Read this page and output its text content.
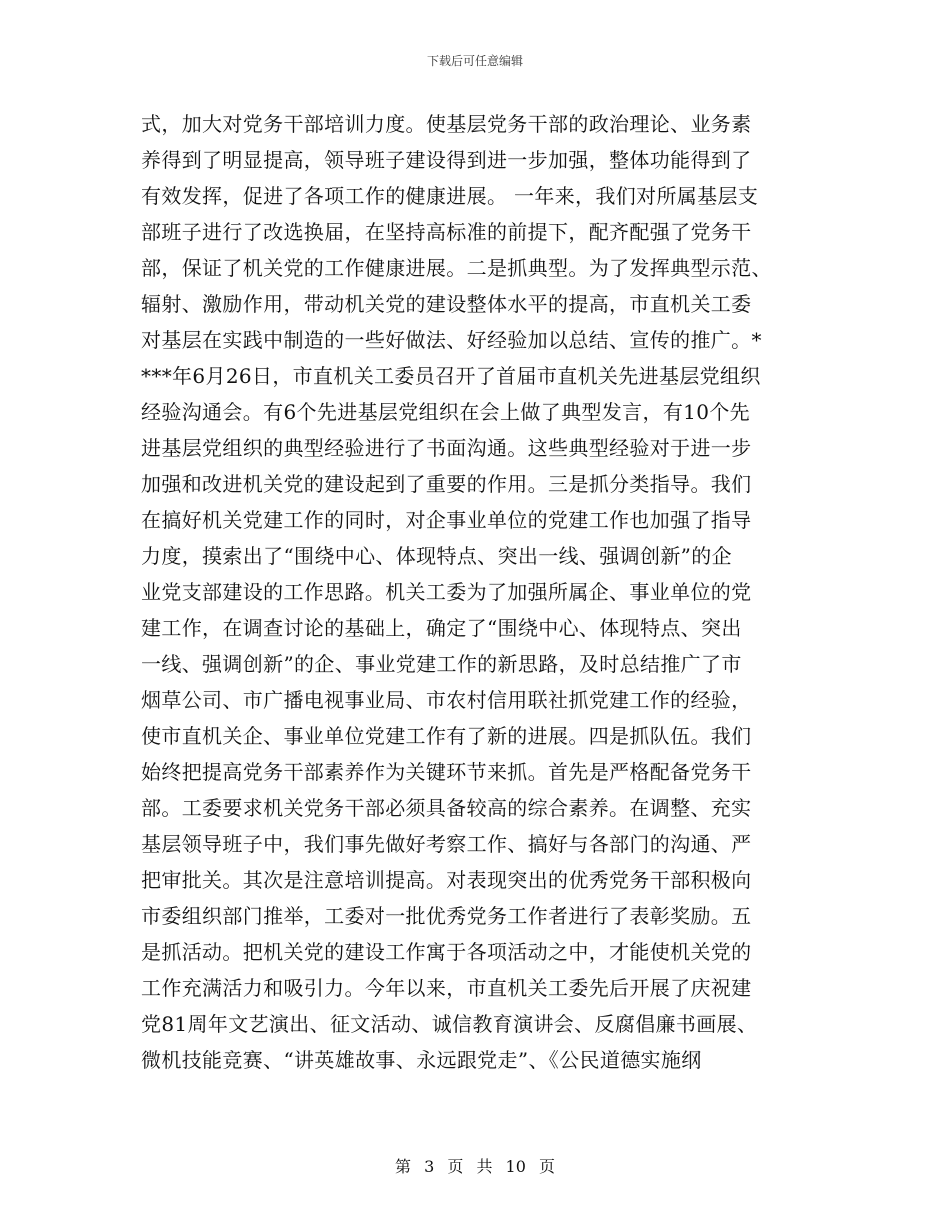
下载后可任意编辑
式，加大对党务干部培训力度。使基层党务干部的政治理论、业务素
养得到了明显提高，领导班子建设得到进一步加强，整体功能得到了
有效发挥，促进了各项工作的健康进展。 一年来，我们对所属基层支
部班子进行了改选换届，在坚持高标准的前提下，配齐配强了党务干
部，保证了机关党的工作健康进展。二是抓典型。为了发挥典型示范、
辐射、激励作用，带动机关党的建设整体水平的提高，市直机关工委
对基层在实践中制造的一些好做法、好经验加以总结、宣传的推广。*
***年6月26日，市直机关工委员召开了首届市直机关先进基层党组织
经验沟通会。有6个先进基层党组织在会上做了典型发言，有10个先
进基层党组织的典型经验进行了书面沟通。这些典型经验对于进一步
加强和改进机关党的建设起到了重要的作用。三是抓分类指导。我们
在搞好机关党建工作的同时，对企事业单位的党建工作也加强了指导
力度，摸索出了“围绕中心、体现特点、突出一线、强调创新”的企
业党支部建设的工作思路。机关工委为了加强所属企、事业单位的党
建工作，在调查讨论的基础上，确定了“围绕中心、体现特点、突出
一线、强调创新”的企、事业党建工作的新思路，及时总结推广了市
烟草公司、市广播电视事业局、市农村信用联社抓党建工作的经验，
使市直机关企、事业单位党建工作有了新的进展。四是抓队伍。我们
始终把提高党务干部素养作为关键环节来抓。首先是严格配备党务干
部。工委要求机关党务干部必须具备较高的综合素养。在调整、充实
基层领导班子中，我们事先做好考察工作、搞好与各部门的沟通、严
把审批关。其次是注意培训提高。对表现突出的优秀党务干部积极向
市委组织部门推举，工委对一批优秀党务工作者进行了表彰奖励。五
是抓活动。把机关党的建设工作寓于各项活动之中，才能使机关党的
工作充满活力和吸引力。今年以来，市直机关工委先后开展了庆祝建
党81周年文艺演出、征文活动、诚信教育演讲会、反腐倡廉书画展、
微机技能竞赛、“讲英雄故事、永远跟党走”、《公民道德实施纲
第 3 页 共 10 页
